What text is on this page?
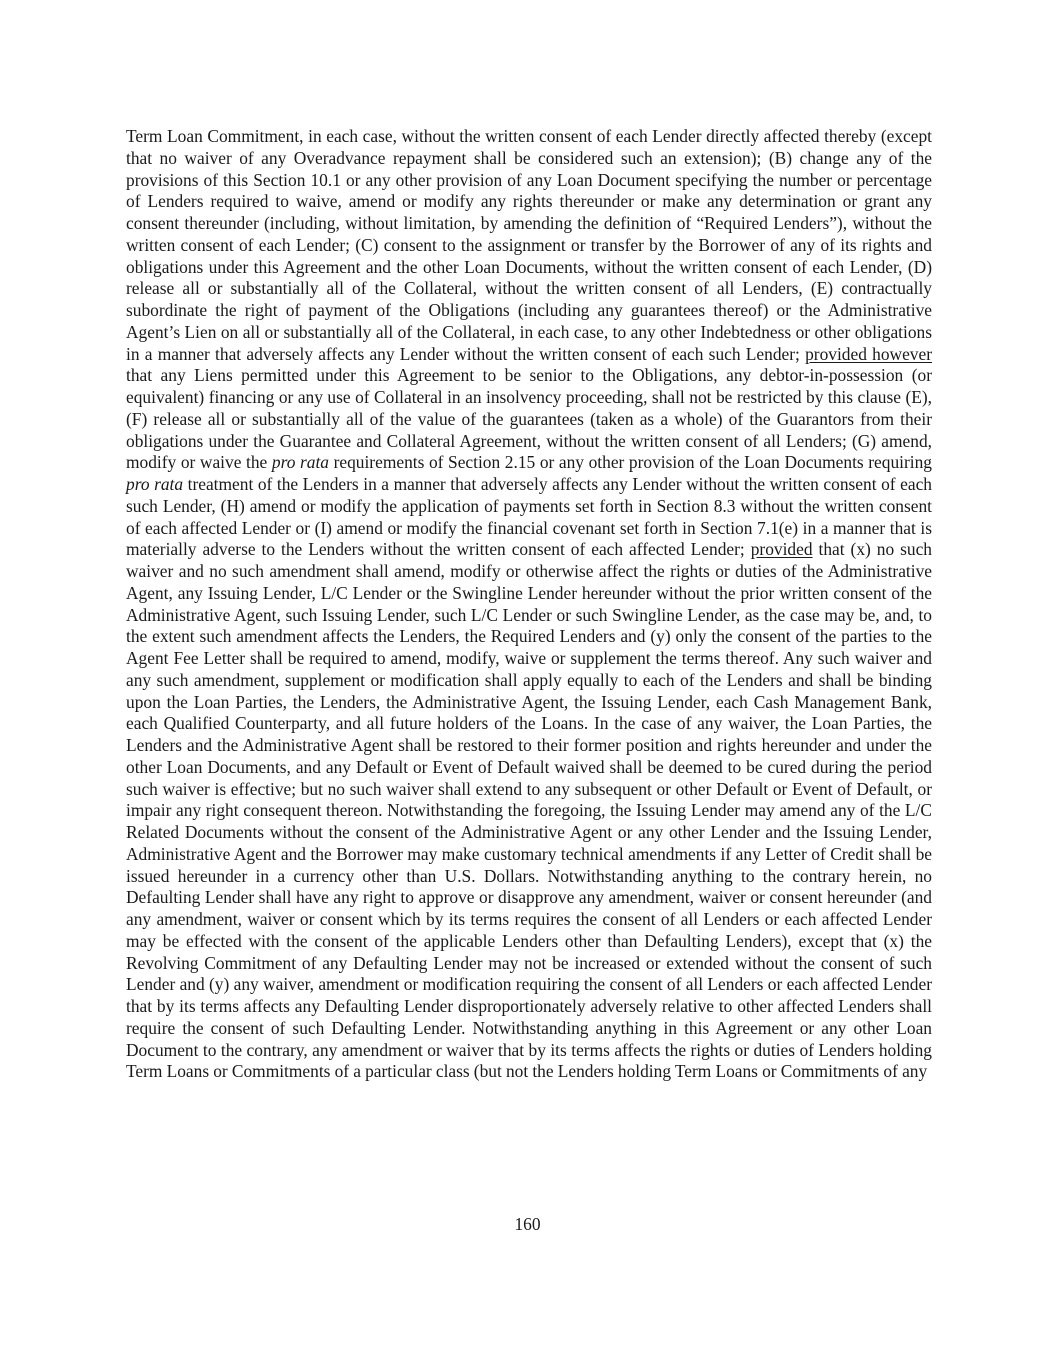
Term Loan Commitment, in each case, without the written consent of each Lender directly affected thereby (except that no waiver of any Overadvance repayment shall be considered such an extension); (B) change any of the provisions of this Section 10.1 or any other provision of any Loan Document specifying the number or percentage of Lenders required to waive, amend or modify any rights thereunder or make any determination or grant any consent thereunder (including, without limitation, by amending the definition of “Required Lenders”), without the written consent of each Lender; (C) consent to the assignment or transfer by the Borrower of any of its rights and obligations under this Agreement and the other Loan Documents, without the written consent of each Lender, (D) release all or substantially all of the Collateral, without the written consent of all Lenders, (E) contractually subordinate the right of payment of the Obligations (including any guarantees thereof) or the Administrative Agent’s Lien on all or substantially all of the Collateral, in each case, to any other Indebtedness or other obligations in a manner that adversely affects any Lender without the written consent of each such Lender; provided however that any Liens permitted under this Agreement to be senior to the Obligations, any debtor-in-possession (or equivalent) financing or any use of Collateral in an insolvency proceeding, shall not be restricted by this clause (E), (F) release all or substantially all of the value of the guarantees (taken as a whole) of the Guarantors from their obligations under the Guarantee and Collateral Agreement, without the written consent of all Lenders; (G) amend, modify or waive the pro rata requirements of Section 2.15 or any other provision of the Loan Documents requiring pro rata treatment of the Lenders in a manner that adversely affects any Lender without the written consent of each such Lender, (H) amend or modify the application of payments set forth in Section 8.3 without the written consent of each affected Lender or (I) amend or modify the financial covenant set forth in Section 7.1(e) in a manner that is materially adverse to the Lenders without the written consent of each affected Lender; provided that (x) no such waiver and no such amendment shall amend, modify or otherwise affect the rights or duties of the Administrative Agent, any Issuing Lender, L/C Lender or the Swingline Lender hereunder without the prior written consent of the Administrative Agent, such Issuing Lender, such L/C Lender or such Swingline Lender, as the case may be, and, to the extent such amendment affects the Lenders, the Required Lenders and (y) only the consent of the parties to the Agent Fee Letter shall be required to amend, modify, waive or supplement the terms thereof. Any such waiver and any such amendment, supplement or modification shall apply equally to each of the Lenders and shall be binding upon the Loan Parties, the Lenders, the Administrative Agent, the Issuing Lender, each Cash Management Bank, each Qualified Counterparty, and all future holders of the Loans. In the case of any waiver, the Loan Parties, the Lenders and the Administrative Agent shall be restored to their former position and rights hereunder and under the other Loan Documents, and any Default or Event of Default waived shall be deemed to be cured during the period such waiver is effective; but no such waiver shall extend to any subsequent or other Default or Event of Default, or impair any right consequent thereon. Notwithstanding the foregoing, the Issuing Lender may amend any of the L/C Related Documents without the consent of the Administrative Agent or any other Lender and the Issuing Lender, Administrative Agent and the Borrower may make customary technical amendments if any Letter of Credit shall be issued hereunder in a currency other than U.S. Dollars. Notwithstanding anything to the contrary herein, no Defaulting Lender shall have any right to approve or disapprove any amendment, waiver or consent hereunder (and any amendment, waiver or consent which by its terms requires the consent of all Lenders or each affected Lender may be effected with the consent of the applicable Lenders other than Defaulting Lenders), except that (x) the Revolving Commitment of any Defaulting Lender may not be increased or extended without the consent of such Lender and (y) any waiver, amendment or modification requiring the consent of all Lenders or each affected Lender that by its terms affects any Defaulting Lender disproportionately adversely relative to other affected Lenders shall require the consent of such Defaulting Lender. Notwithstanding anything in this Agreement or any other Loan Document to the contrary, any amendment or waiver that by its terms affects the rights or duties of Lenders holding Term Loans or Commitments of a particular class (but not the Lenders holding Term Loans or Commitments of any

160
